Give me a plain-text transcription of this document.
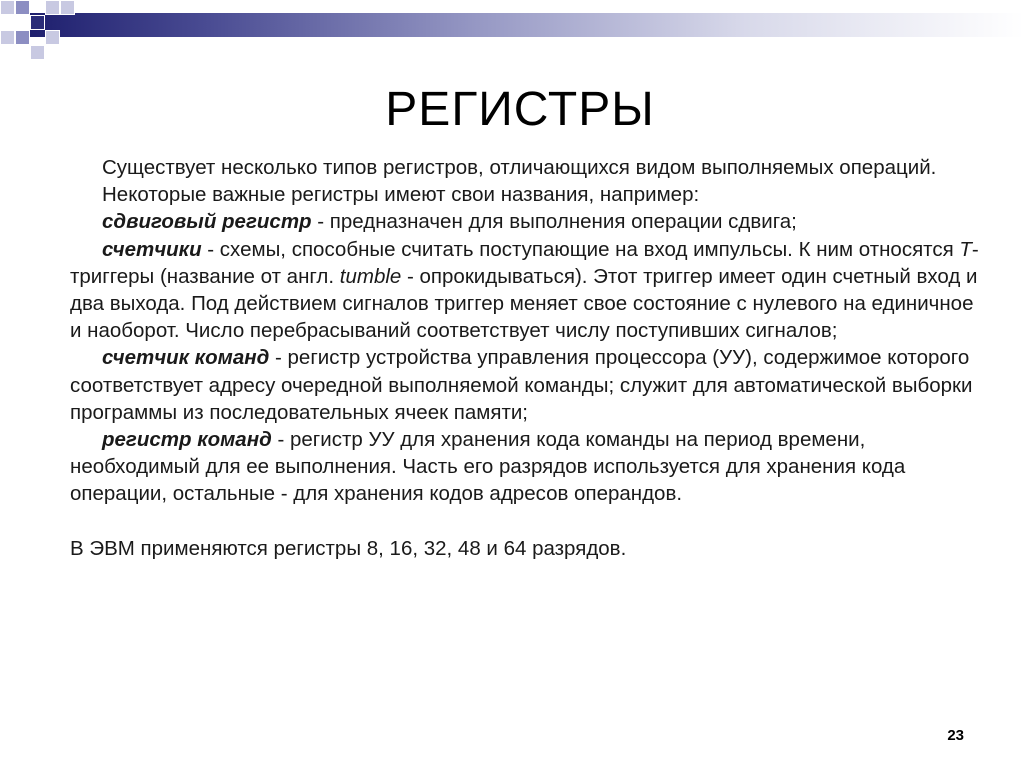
РЕГИСТРЫ

Существует несколько типов регистров, отличающихся видом выполняемых операций.

Некоторые важные регистры имеют свои названия, например:

сдвиговый регистр - предназначен для выполнения операции сдвига;

счетчики - схемы, способные считать поступающие на вход импульсы. К ним относятся Т-триггеры (название от англ. tumble - опрокидываться). Этот триггер имеет один счетный вход и два выхода. Под действием сигналов триггер меняет свое состояние с нулевого на единичное и наоборот. Число перебрасываний соответствует числу поступивших сигналов;

счетчик команд - регистр устройства управления процессора (УУ), содержимое которого соответствует адресу очередной выполняемой команды; служит для автоматической выборки программы из последовательных ячеек памяти;

регистр команд - регистр УУ для хранения кода команды на период времени, необходимый для ее выполнения. Часть его разрядов используется для хранения кода операции, остальные - для хранения кодов адресов операндов.

В ЭВМ применяются регистры 8, 16, 32, 48 и 64 разрядов.

23
